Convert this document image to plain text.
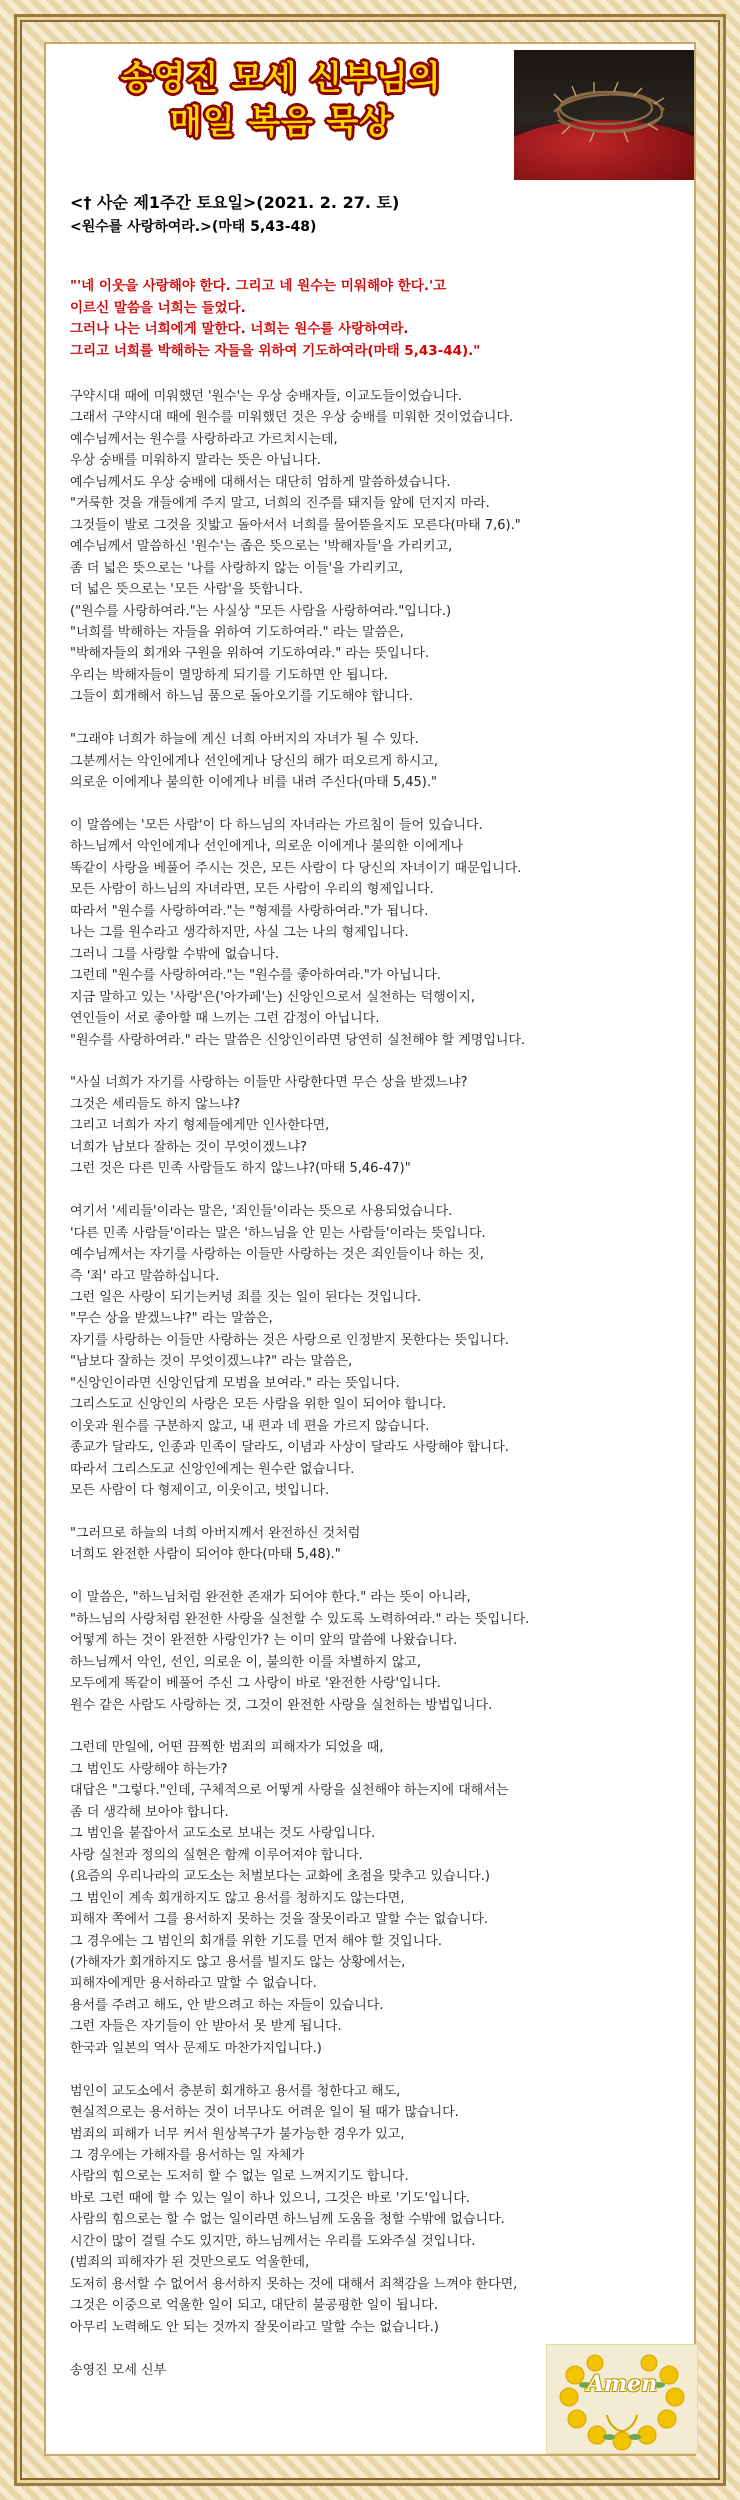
송영진 모세 신부님의
매일 복음 묵상
<† 사순 제1주간 토요일>(2021. 2. 27. 토)
<원수를 사랑하여라.>(마태 5,43-48)
"'네 이웃을 사랑해야 한다. 그리고 네 원수는 미워해야 한다.'고
이르신 말씀을 너희는 들었다.
그러나 나는 너희에게 말한다. 너희는 원수를 사랑하여라.
그리고 너희를 박해하는 자들을 위하여 기도하여라(마태 5,43-44)."
구약시대 때에 미워했던 '원수'는 우상 숭배자들, 이교도들이었습니다.
그래서 구약시대 때에 원수를 미워했던 것은 우상 숭배를 미워한 것이었습니다.
예수님께서는 원수를 사랑하라고 가르치시는데,
우상 숭배를 미워하지 말라는 뜻은 아닙니다.
예수님께서도 우상 숭배에 대해서는 대단히 엄하게 말씀하셨습니다.
"거룩한 것을 개들에게 주지 말고, 너희의 진주를 돼지들 앞에 던지지 마라.
그것들이 발로 그것을 짓밟고 돌아서서 너희를 물어뜯을지도 모른다(마태 7,6)."
예수님께서 말씀하신 '원수'는 좁은 뜻으로는 '박해자들'을 가리키고,
좀 더 넓은 뜻으로는 '나를 사랑하지 않는 이들'을 가리키고,
더 넓은 뜻으로는 '모든 사람'을 뜻합니다.
("원수를 사랑하여라."는 사실상 "모든 사람을 사랑하여라."입니다.)
"너희를 박해하는 자들을 위하여 기도하여라." 라는 말씀은,
"박해자들의 회개와 구원을 위하여 기도하여라." 라는 뜻입니다.
우리는 박해자들이 멸망하게 되기를 기도하면 안 됩니다.
그들이 회개해서 하느님 품으로 돌아오기를 기도해야 합니다.
"그래야 너희가 하늘에 계신 너희 아버지의 자녀가 될 수 있다.
그분께서는 악인에게나 선인에게나 당신의 해가 떠오르게 하시고,
의로운 이에게나 불의한 이에게나 비를 내려 주신다(마태 5,45)."
이 말씀에는 '모든 사람'이 다 하느님의 자녀라는 가르침이 들어 있습니다.
하느님께서 악인에게나 선인에게나, 의로운 이에게나 불의한 이에게나
똑같이 사랑을 베풀어 주시는 것은, 모든 사람이 다 당신의 자녀이기 때문입니다.
모든 사람이 하느님의 자녀라면, 모든 사람이 우리의 형제입니다.
따라서 "원수를 사랑하여라."는 "형제를 사랑하여라."가 됩니다.
나는 그를 원수라고 생각하지만, 사실 그는 나의 형제입니다.
그러니 그를 사랑할 수밖에 없습니다.
그런데 "원수를 사랑하여라."는 "원수를 좋아하여라."가 아닙니다.
지금 말하고 있는 '사랑'은('아가페'는) 신앙인으로서 실천하는 덕행이지,
연인들이 서로 좋아할 때 느끼는 그런 감정이 아닙니다.
"원수를 사랑하여라." 라는 말씀은 신앙인이라면 당연히 실천해야 할 계명입니다.
"사실 너희가 자기를 사랑하는 이들만 사랑한다면 무슨 상을 받겠느냐?
그것은 세리들도 하지 않느냐?
그리고 너희가 자기 형제들에게만 인사한다면,
너희가 남보다 잘하는 것이 무엇이겠느냐?
그런 것은 다른 민족 사람들도 하지 않느냐?(마태 5,46-47)"
여기서 '세리들'이라는 말은, '죄인들'이라는 뜻으로 사용되었습니다.
'다른 민족 사람들'이라는 말은 '하느님을 안 믿는 사람들'이라는 뜻입니다.
예수님께서는 자기를 사랑하는 이들만 사랑하는 것은 죄인들이나 하는 짓,
즉 '죄' 라고 말씀하십니다.
그런 일은 사랑이 되기는커녕 죄를 짓는 일이 된다는 것입니다.
"무슨 상을 받겠느냐?" 라는 말씀은,
자기를 사랑하는 이들만 사랑하는 것은 사랑으로 인정받지 못한다는 뜻입니다.
"남보다 잘하는 것이 무엇이겠느냐?" 라는 말씀은,
"신앙인이라면 신앙인답게 모범을 보여라." 라는 뜻입니다.
그리스도교 신앙인의 사랑은 모든 사람을 위한 일이 되어야 합니다.
이웃과 원수를 구분하지 않고, 내 편과 네 편을 가르지 않습니다.
종교가 달라도, 인종과 민족이 달라도, 이념과 사상이 달라도 사랑해야 합니다.
따라서 그리스도교 신앙인에게는 원수란 없습니다.
모든 사람이 다 형제이고, 이웃이고, 벗입니다.
"그러므로 하늘의 너희 아버지께서 완전하신 것처럼
너희도 완전한 사람이 되어야 한다(마태 5,48)."
이 말씀은, "하느님처럼 완전한 존재가 되어야 한다." 라는 뜻이 아니라,
"하느님의 사랑처럼 완전한 사랑을 실천할 수 있도록 노력하여라." 라는 뜻입니다.
어떻게 하는 것이 완전한 사랑인가? 는 이미 앞의 말씀에 나왔습니다.
하느님께서 악인, 선인, 의로운 이, 불의한 이를 차별하지 않고,
모두에게 똑같이 베풀어 주신 그 사랑이 바로 '완전한 사랑'입니다.
원수 같은 사람도 사랑하는 것, 그것이 완전한 사랑을 실천하는 방법입니다.
그런데 만일에, 어떤 끔찍한 범죄의 피해자가 되었을 때,
그 범인도 사랑해야 하는가?
대답은 "그렇다."인데, 구체적으로 어떻게 사랑을 실천해야 하는지에 대해서는
좀 더 생각해 보아야 합니다.
그 범인을 붙잡아서 교도소로 보내는 것도 사랑입니다.
사랑 실천과 정의의 실현은 함께 이루어져야 합니다.
(요즘의 우리나라의 교도소는 처벌보다는 교화에 초점을 맞추고 있습니다.)
그 범인이 계속 회개하지도 않고 용서를 청하지도 않는다면,
피해자 쪽에서 그를 용서하지 못하는 것을 잘못이라고 말할 수는 없습니다.
그 경우에는 그 범인의 회개를 위한 기도를 먼저 해야 할 것입니다.
(가해자가 회개하지도 않고 용서를 빌지도 않는 상황에서는,
피해자에게만 용서하라고 말할 수 없습니다.
용서를 주려고 해도, 안 받으려고 하는 자들이 있습니다.
그런 자들은 자기들이 안 받아서 못 받게 됩니다.
한국과 일본의 역사 문제도 마찬가지입니다.)
범인이 교도소에서 충분히 회개하고 용서를 청한다고 해도,
현실적으로는 용서하는 것이 너무나도 어려운 일이 될 때가 많습니다.
범죄의 피해가 너무 커서 원상복구가 불가능한 경우가 있고,
그 경우에는 가해자를 용서하는 일 자체가
사람의 힘으로는 도저히 할 수 없는 일로 느껴지기도 합니다.
바로 그런 때에 할 수 있는 일이 하나 있으니, 그것은 바로 '기도'입니다.
사람의 힘으로는 할 수 없는 일이라면 하느님께 도움을 청할 수밖에 없습니다.
시간이 많이 걸릴 수도 있지만, 하느님께서는 우리를 도와주실 것입니다.
(범죄의 피해자가 된 것만으로도 억울한데,
도저히 용서할 수 없어서 용서하지 못하는 것에 대해서 죄책감을 느껴야 한다면,
그것은 이중으로 억울한 일이 되고, 대단히 불공평한 일이 됩니다.
아무리 노력해도 안 되는 것까지 잘못이라고 말할 수는 없습니다.)
송영진 모세 신부
Amen
